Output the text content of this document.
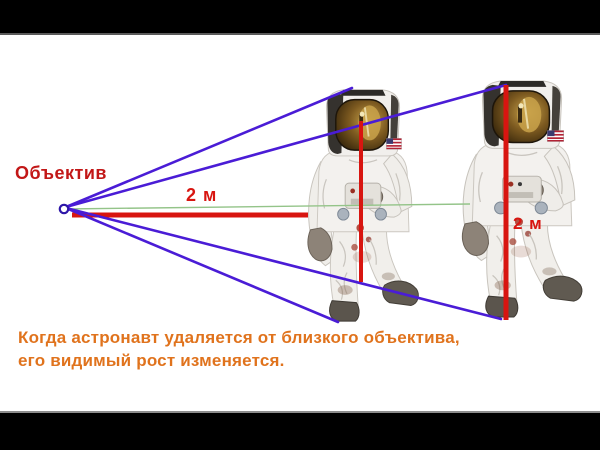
Объектив
2 м
2 м
Когда астронавт удаляется от близкого объектива,
его видимый рост изменяется.
